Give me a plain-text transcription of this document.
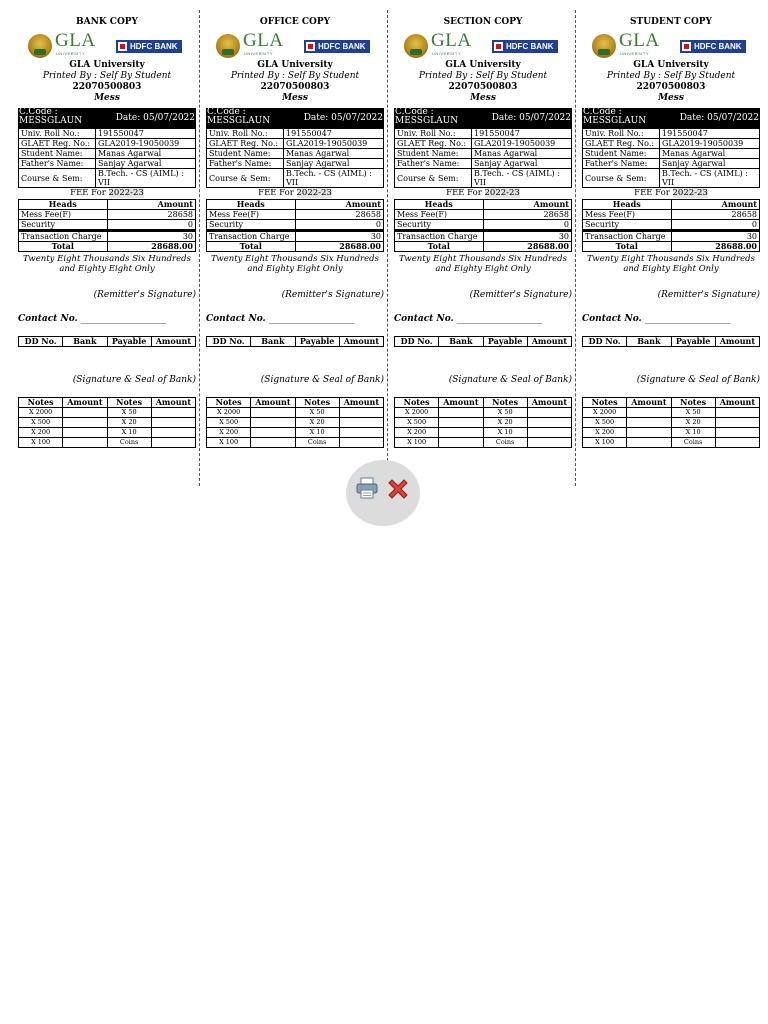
BANK COPY
GLA
UNIVERSITY
HDFC BANK
GLA University
Printed By : Self By Student
22070500803
Mess
C.Code :
MESSGLAUN	Date: 05/07/2022
Univ. Roll No.:	191550047
GLAET Reg. No.:	GLA2019-19050039
Student Name:	Manas Agarwal
Father's Name:	Sanjay Agarwal
Course & Sem:	B.Tech. - CS (AIML) : VII
FEE For 2022-23
Heads	Amount
Mess Fee(F)	28658
Security	0
Transaction Charge	30
Total	28688.00
Twenty Eight Thousands Six Hundreds and Eighty Eight Only
(Remitter's Signature)
Contact No. ___________________
DD No.	Bank	Payable	Amount
(Signature & Seal of Bank)
Notes	Amount	Notes	Amount
X 2000		X 50	
X 500		X 20	
X 200		X 10	
X 100		Coins	
OFFICE COPY
GLA
UNIVERSITY
HDFC BANK
GLA University
Printed By : Self By Student
22070500803
Mess
C.Code :
MESSGLAUN	Date: 05/07/2022
Univ. Roll No.:	191550047
GLAET Reg. No.:	GLA2019-19050039
Student Name:	Manas Agarwal
Father's Name:	Sanjay Agarwal
Course & Sem:	B.Tech. - CS (AIML) : VII
FEE For 2022-23
Heads	Amount
Mess Fee(F)	28658
Security	0
Transaction Charge	30
Total	28688.00
Twenty Eight Thousands Six Hundreds and Eighty Eight Only
(Remitter's Signature)
Contact No. ___________________
DD No.	Bank	Payable	Amount
(Signature & Seal of Bank)
Notes	Amount	Notes	Amount
X 2000		X 50	
X 500		X 20	
X 200		X 10	
X 100		Coins	
SECTION COPY
GLA
UNIVERSITY
HDFC BANK
GLA University
Printed By : Self By Student
22070500803
Mess
C.Code :
MESSGLAUN	Date: 05/07/2022
Univ. Roll No.:	191550047
GLAET Reg. No.:	GLA2019-19050039
Student Name:	Manas Agarwal
Father's Name:	Sanjay Agarwal
Course & Sem:	B.Tech. - CS (AIML) : VII
FEE For 2022-23
Heads	Amount
Mess Fee(F)	28658
Security	0
Transaction Charge	30
Total	28688.00
Twenty Eight Thousands Six Hundreds and Eighty Eight Only
(Remitter's Signature)
Contact No. ___________________
DD No.	Bank	Payable	Amount
(Signature & Seal of Bank)
Notes	Amount	Notes	Amount
X 2000		X 50	
X 500		X 20	
X 200		X 10	
X 100		Coins	
STUDENT COPY
GLA
UNIVERSITY
HDFC BANK
GLA University
Printed By : Self By Student
22070500803
Mess
C.Code :
MESSGLAUN	Date: 05/07/2022
Univ. Roll No.:	191550047
GLAET Reg. No.:	GLA2019-19050039
Student Name:	Manas Agarwal
Father's Name:	Sanjay Agarwal
Course & Sem:	B.Tech. - CS (AIML) : VII
FEE For 2022-23
Heads	Amount
Mess Fee(F)	28658
Security	0
Transaction Charge	30
Total	28688.00
Twenty Eight Thousands Six Hundreds and Eighty Eight Only
(Remitter's Signature)
Contact No. ___________________
DD No.	Bank	Payable	Amount
(Signature & Seal of Bank)
Notes	Amount	Notes	Amount
X 2000		X 50	
X 500		X 20	
X 200		X 10	
X 100		Coins	
